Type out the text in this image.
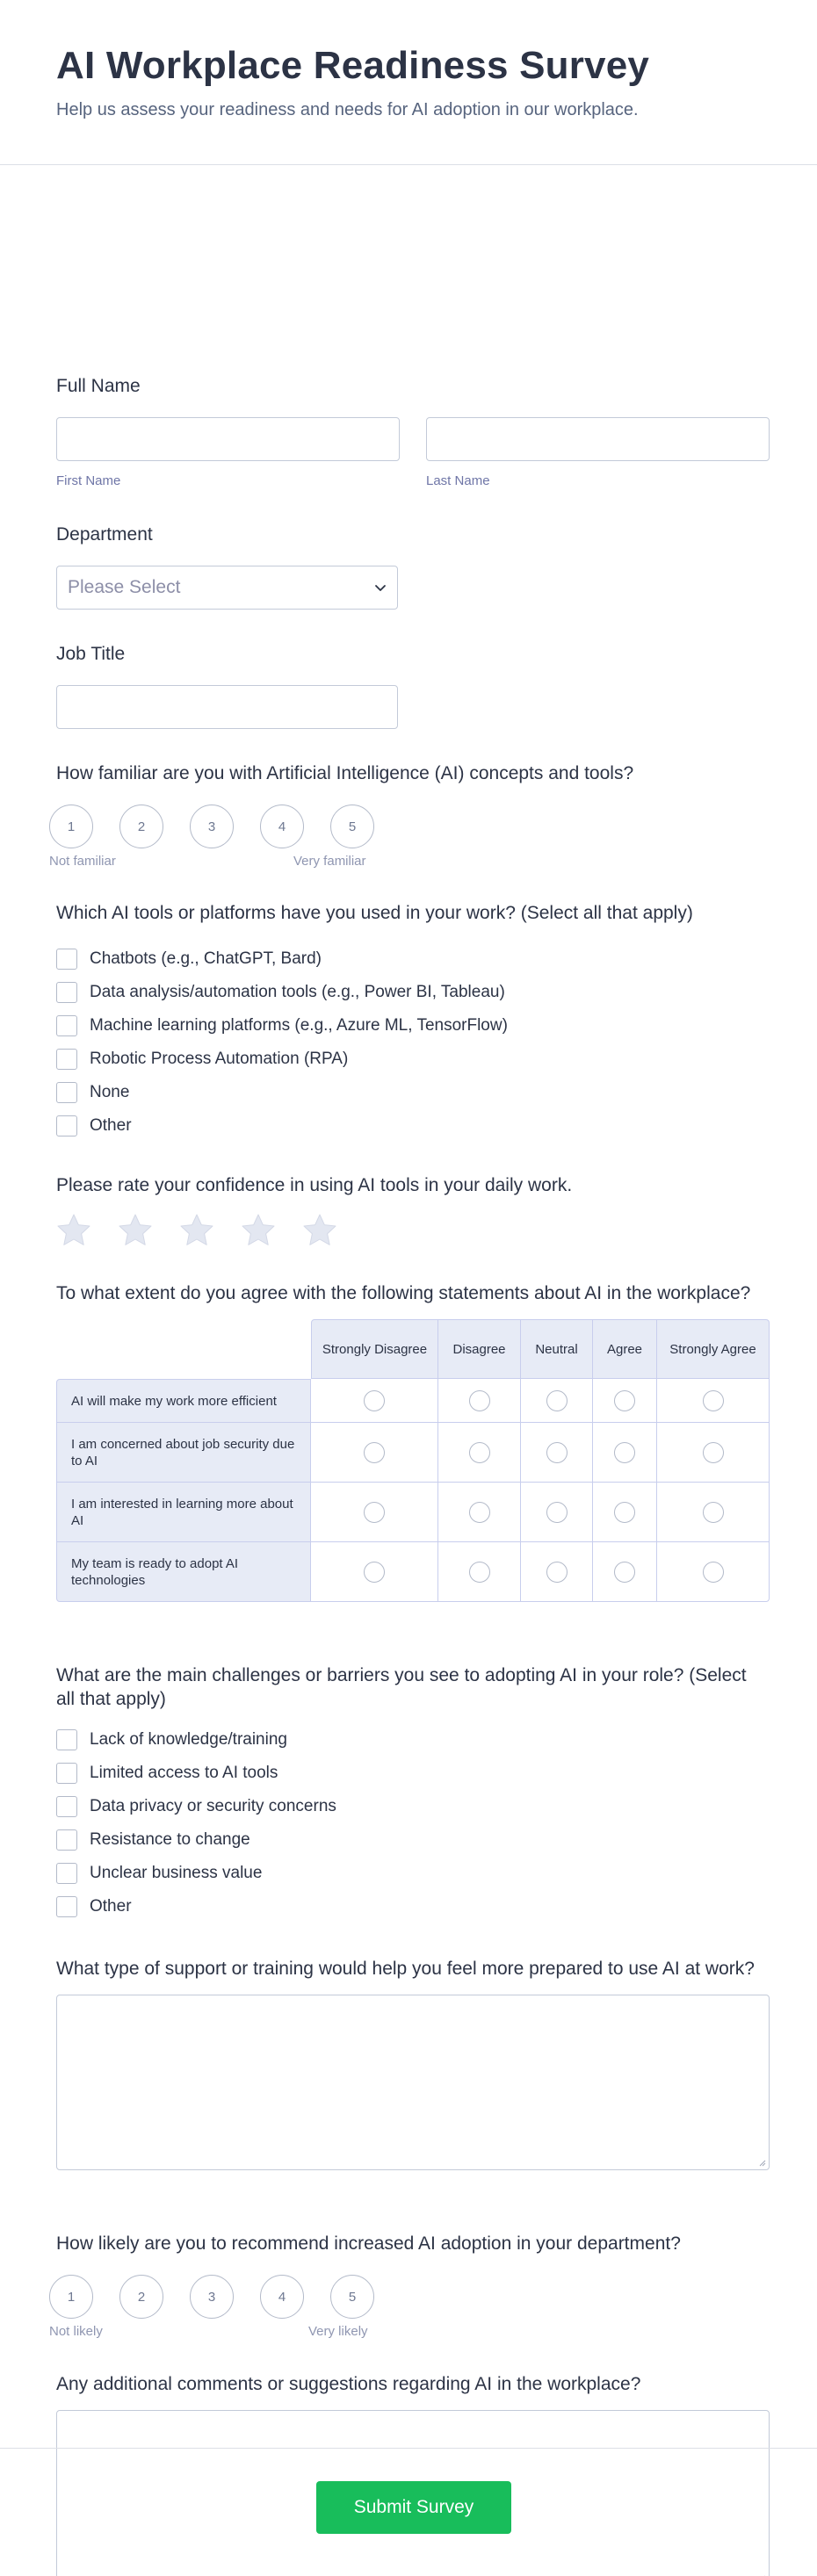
AI Workplace Readiness Survey

Help us assess your readiness and needs for AI adoption in our workplace.

Full Name
First Name	Last Name
Department
Please Select
Job Title
How familiar are you with Artificial Intelligence (AI) concepts and tools?
1	2	3	4	5
Not familiar	Very familiar
Which AI tools or platforms have you used in your work? (Select all that apply)
Chatbots (e.g., ChatGPT, Bard)
Data analysis/automation tools (e.g., Power BI, Tableau)
Machine learning platforms (e.g., Azure ML, TensorFlow)
Robotic Process Automation (RPA)
None
Other
Please rate your confidence in using AI tools in your daily work.
To what extent do you agree with the following statements about AI in the workplace?
	Strongly Disagree	Disagree	Neutral	Agree	Strongly Agree
AI will make my work more efficient					
I am concerned about job security due to AI					
I am interested in learning more about AI					
My team is ready to adopt AI technologies					
What are the main challenges or barriers you see to adopting AI in your role? (Select all that apply)
Lack of knowledge/training
Limited access to AI tools
Data privacy or security concerns
Resistance to change
Unclear business value
Other
What type of support or training would help you feel more prepared to use AI at work?
How likely are you to recommend increased AI adoption in your department?
1	2	3	4	5
Not likely	Very likely
Any additional comments or suggestions regarding AI in the workplace?
Submit Survey
